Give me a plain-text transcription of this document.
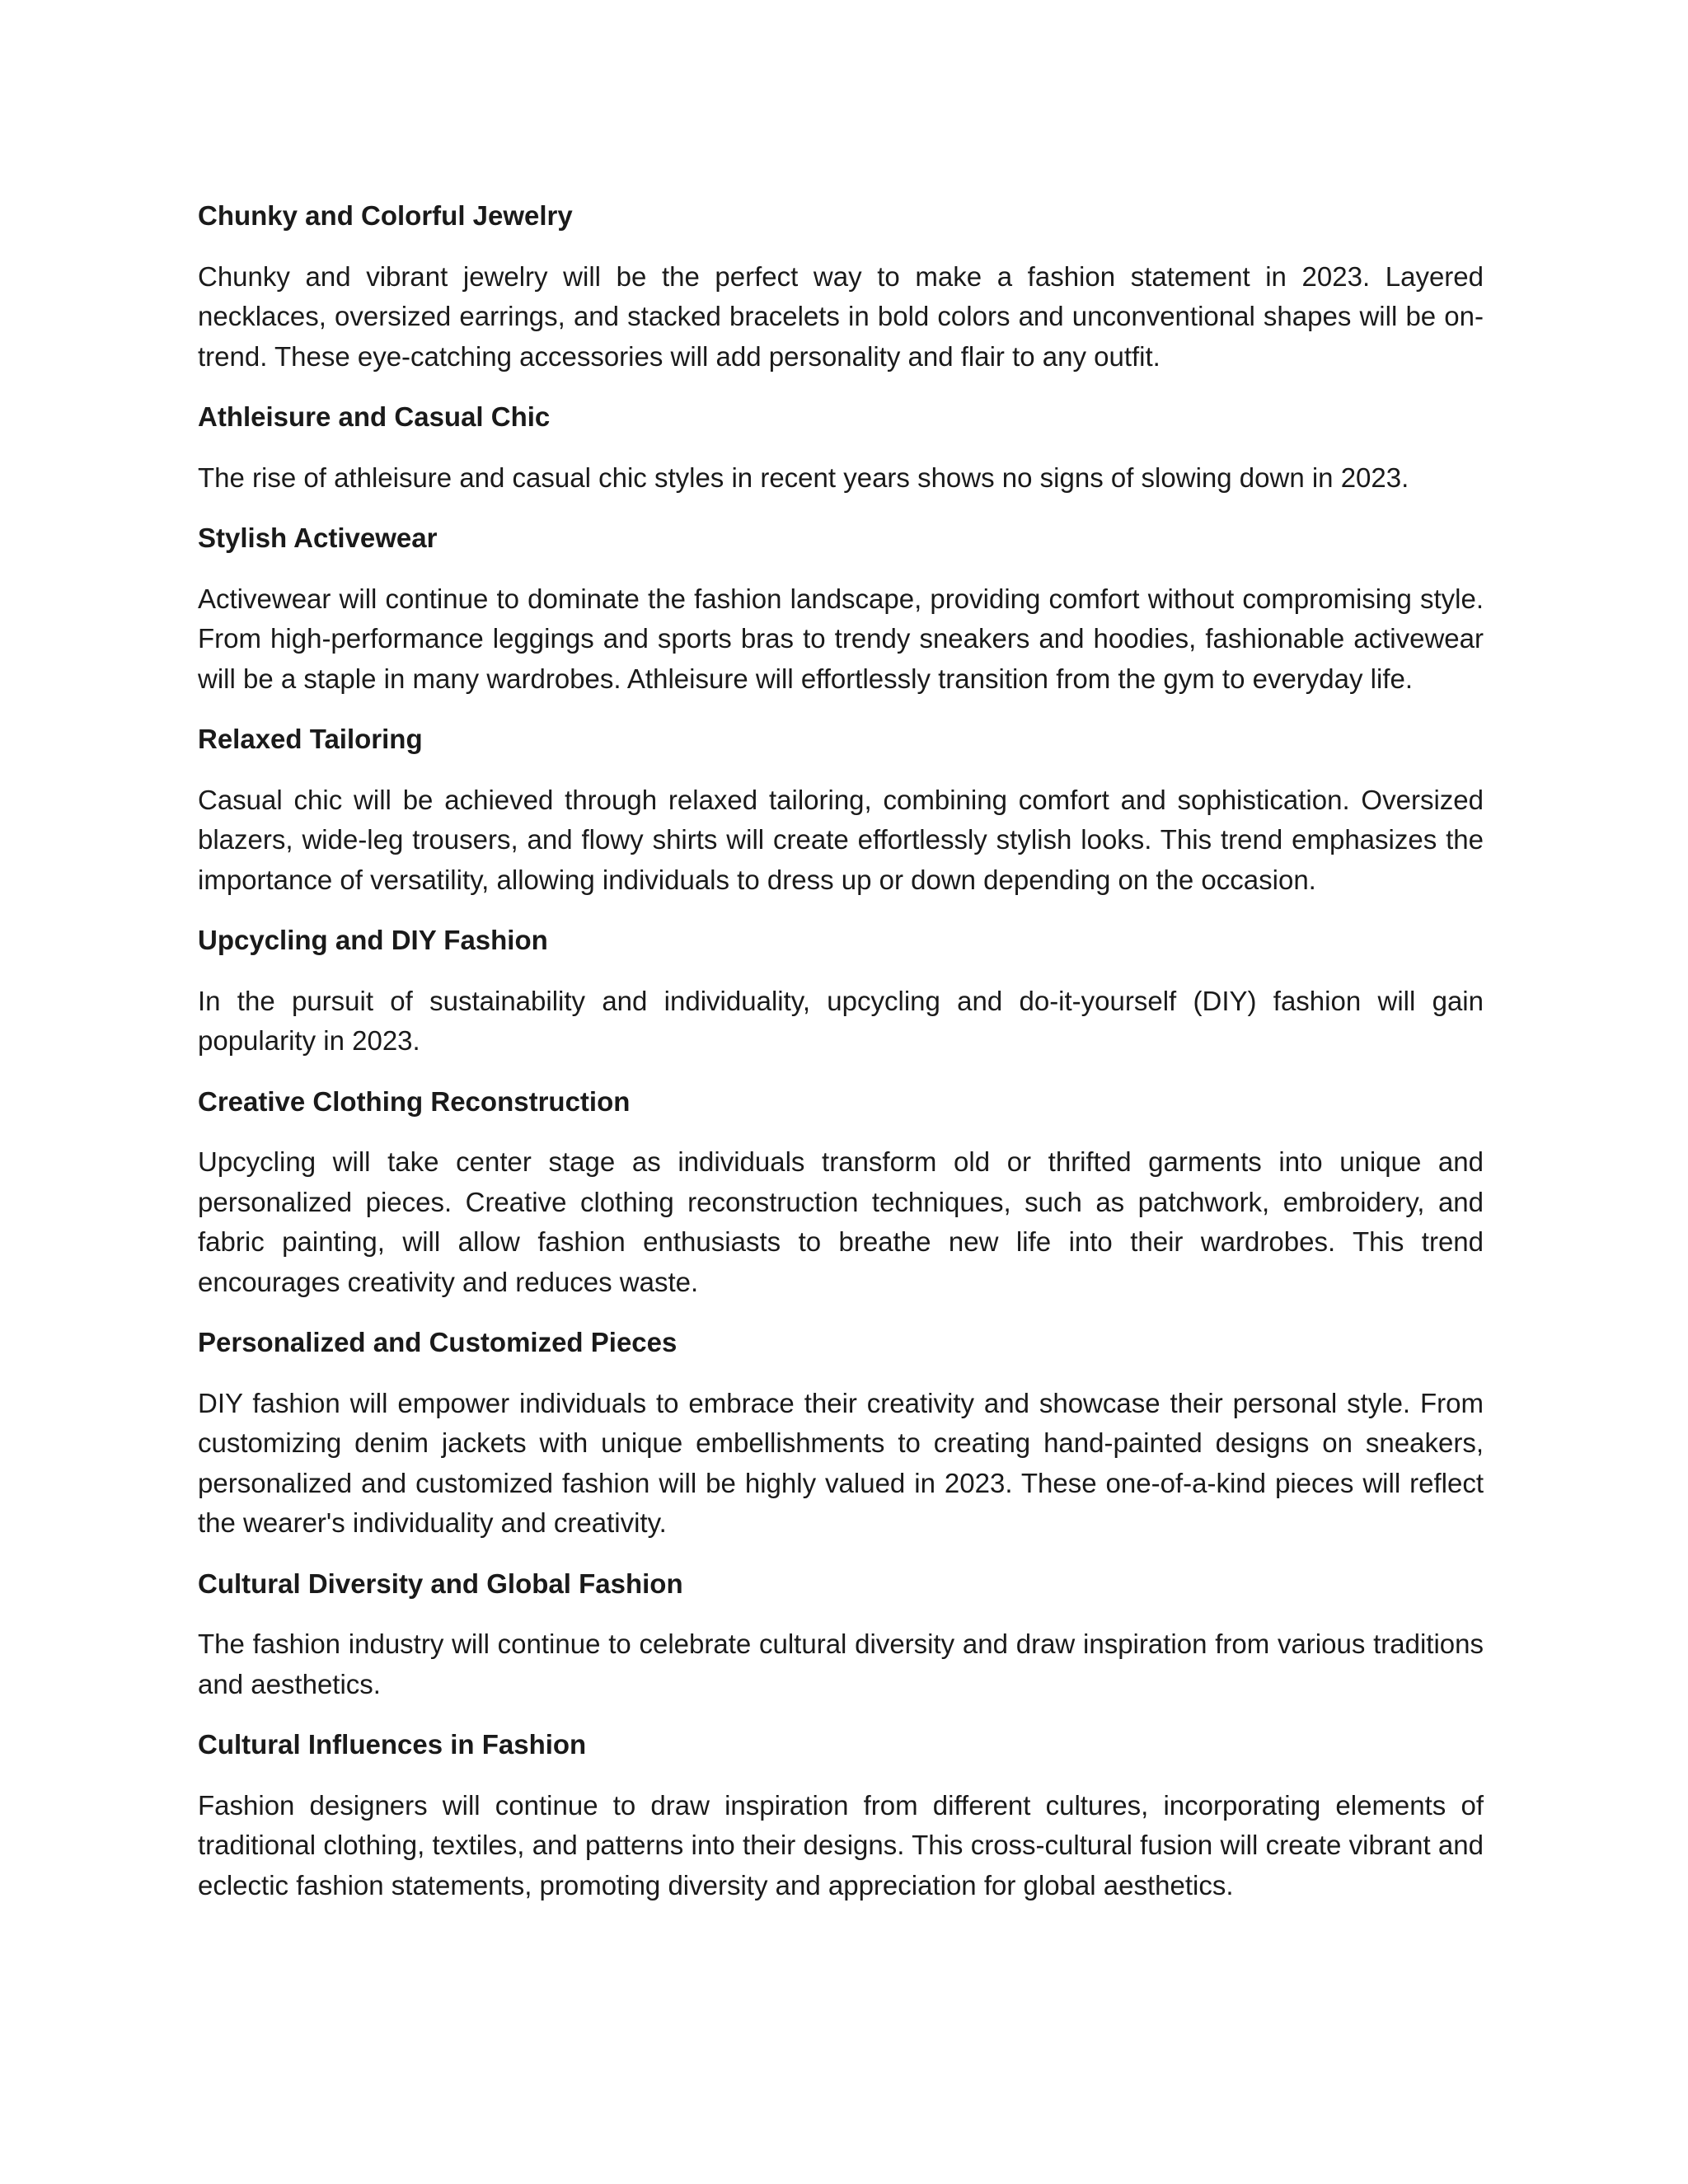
Chunky and Colorful Jewelry

Chunky and vibrant jewelry will be the perfect way to make a fashion statement in 2023. Layered necklaces, oversized earrings, and stacked bracelets in bold colors and unconventional shapes will be on-trend. These eye-catching accessories will add personality and flair to any outfit.

Athleisure and Casual Chic

The rise of athleisure and casual chic styles in recent years shows no signs of slowing down in 2023.

Stylish Activewear

Activewear will continue to dominate the fashion landscape, providing comfort without compromising style. From high-performance leggings and sports bras to trendy sneakers and hoodies, fashionable activewear will be a staple in many wardrobes. Athleisure will effortlessly transition from the gym to everyday life.

Relaxed Tailoring

Casual chic will be achieved through relaxed tailoring, combining comfort and sophistication. Oversized blazers, wide-leg trousers, and flowy shirts will create effortlessly stylish looks. This trend emphasizes the importance of versatility, allowing individuals to dress up or down depending on the occasion.

Upcycling and DIY Fashion

In the pursuit of sustainability and individuality, upcycling and do-it-yourself (DIY) fashion will gain popularity in 2023.

Creative Clothing Reconstruction

Upcycling will take center stage as individuals transform old or thrifted garments into unique and personalized pieces. Creative clothing reconstruction techniques, such as patchwork, embroidery, and fabric painting, will allow fashion enthusiasts to breathe new life into their wardrobes. This trend encourages creativity and reduces waste.

Personalized and Customized Pieces

DIY fashion will empower individuals to embrace their creativity and showcase their personal style. From customizing denim jackets with unique embellishments to creating hand-painted designs on sneakers, personalized and customized fashion will be highly valued in 2023. These one-of-a-kind pieces will reflect the wearer's individuality and creativity.

Cultural Diversity and Global Fashion

The fashion industry will continue to celebrate cultural diversity and draw inspiration from various traditions and aesthetics.

Cultural Influences in Fashion

Fashion designers will continue to draw inspiration from different cultures, incorporating elements of traditional clothing, textiles, and patterns into their designs. This cross-cultural fusion will create vibrant and eclectic fashion statements, promoting diversity and appreciation for global aesthetics.
